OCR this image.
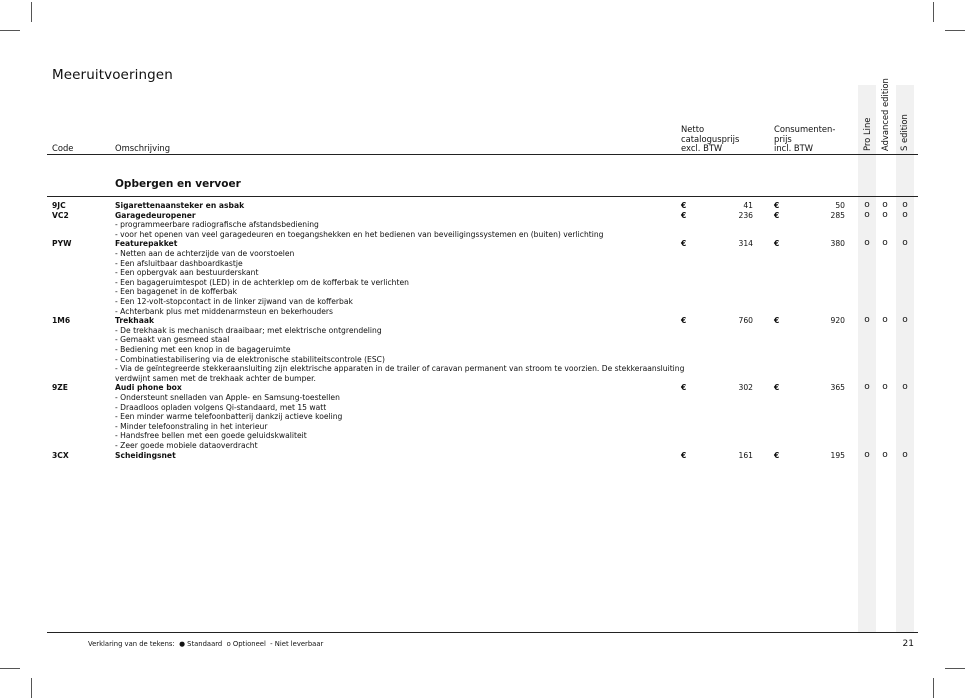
Meeruitvoeringen
Code	Omschrijving
Netto
catalogusprijs
excl. BTW
Consumenten-
prijs
incl. BTW	Pro Line Advanced edition S edition
Opbergen en vervoer
9JC	Sigarettenaansteker en asbak	€	41	€	50	o	o	o
VC2	Garagedeuropener	€	236	€	285	o	o	o
- programmeerbare radiografische afstandsbediening
- voor het openen van veel garagedeuren en toegangshekken en het bedienen van beveiligingssystemen en (buiten) verlichting
PYW	Featurepakket	€	314	€	380	o	o	o
- Netten aan de achterzijde van de voorstoelen
- Een afsluitbaar dashboardkastje
- Een opbergvak aan bestuurderskant
- Een bagageruimtespot (LED) in de achterklep om de kofferbak te verlichten
- Een bagagenet in de kofferbak
- Een 12-volt-stopcontact in de linker zijwand van de kofferbak
- Achterbank plus met middenarmsteun en bekerhouders
1M6	Trekhaak	€	760	€	920	o	o	o
- De trekhaak is mechanisch draaibaar; met elektrische ontgrendeling
- Gemaakt van gesmeed staal
- Bediening met een knop in de bagageruimte
- Combinatiestabilisering via de elektronische stabiliteitscontrole (ESC)
- Via de geïntegreerde stekkeraansluiting zijn elektrische apparaten in de trailer of caravan permanent van stroom te voorzien. De stekkeraansluiting
verdwijnt samen met de trekhaak achter de bumper.
9ZE	Audi phone box	€	302	€	365	o	o	o
- Ondersteunt snelladen van Apple- en Samsung-toestellen
- Draadloos opladen volgens Qi-standaard, met 15 watt
- Een minder warme telefoonbatterij dankzij actieve koeling
- Minder telefoonstraling in het interieur
- Handsfree bellen met een goede geluidskwaliteit
- Zeer goede mobiele dataoverdracht
3CX	Scheidingsnet	€	161	€	195	o	o	o
Verklaring van de tekens: ● Standaard o Optioneel - Niet leverbaar	21
